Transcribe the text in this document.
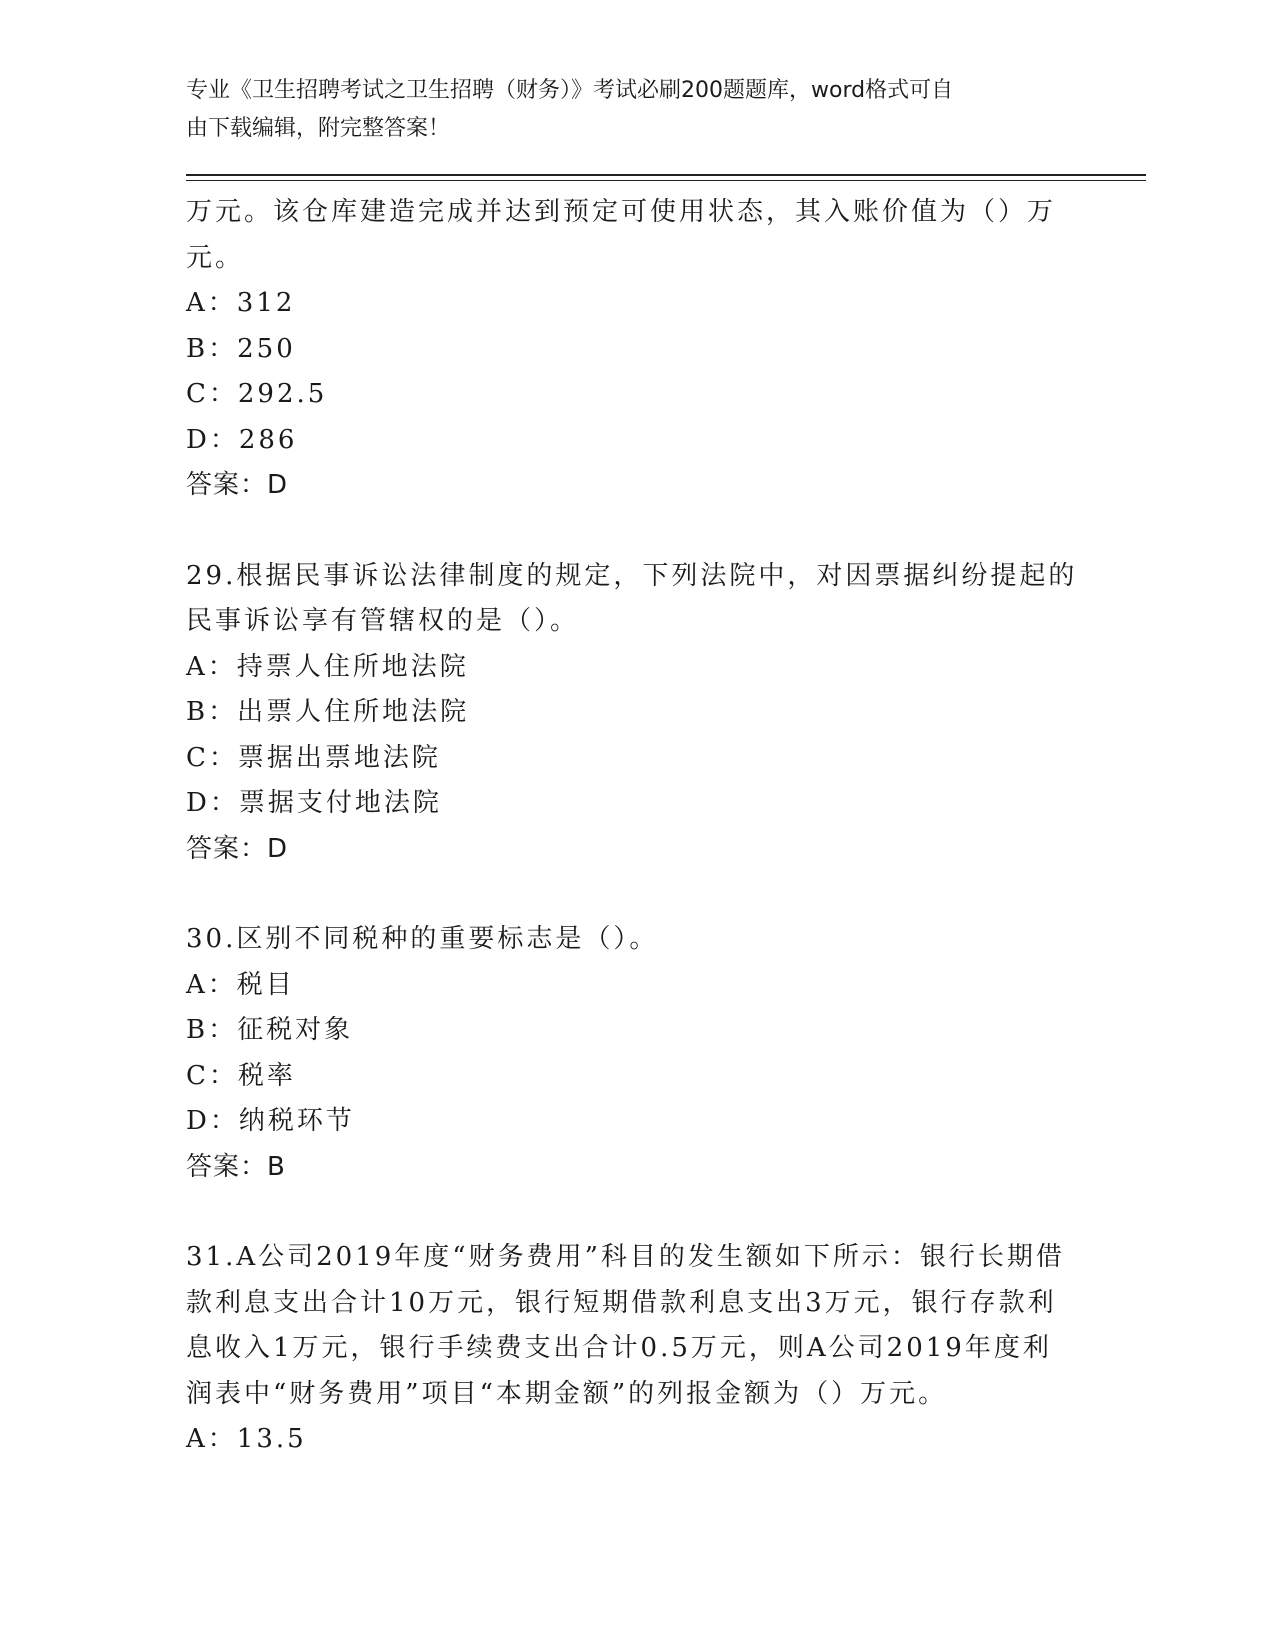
专业《卫生招聘考试之卫生招聘（财务）》考试必刷200题题库，word格式可自
由下载编辑，附完整答案！
万元。该仓库建造完成并达到预定可使用状态，其入账价值为（）万
元。
A：312
B：250
C：292.5
D：286
答案：D
29.根据民事诉讼法律制度的规定，下列法院中，对因票据纠纷提起的
民事诉讼享有管辖权的是（）。
A：持票人住所地法院
B：出票人住所地法院
C：票据出票地法院
D：票据支付地法院
答案：D
30.区别不同税种的重要标志是（）。
A：税目
B：征税对象
C：税率
D：纳税环节
答案：B
31.A公司2019年度“财务费用”科目的发生额如下所示：银行长期借
款利息支出合计10万元，银行短期借款利息支出3万元，银行存款利
息收入1万元，银行手续费支出合计0.5万元，则A公司2019年度利
润表中“财务费用”项目“本期金额”的列报金额为（）万元。
A：13.5
